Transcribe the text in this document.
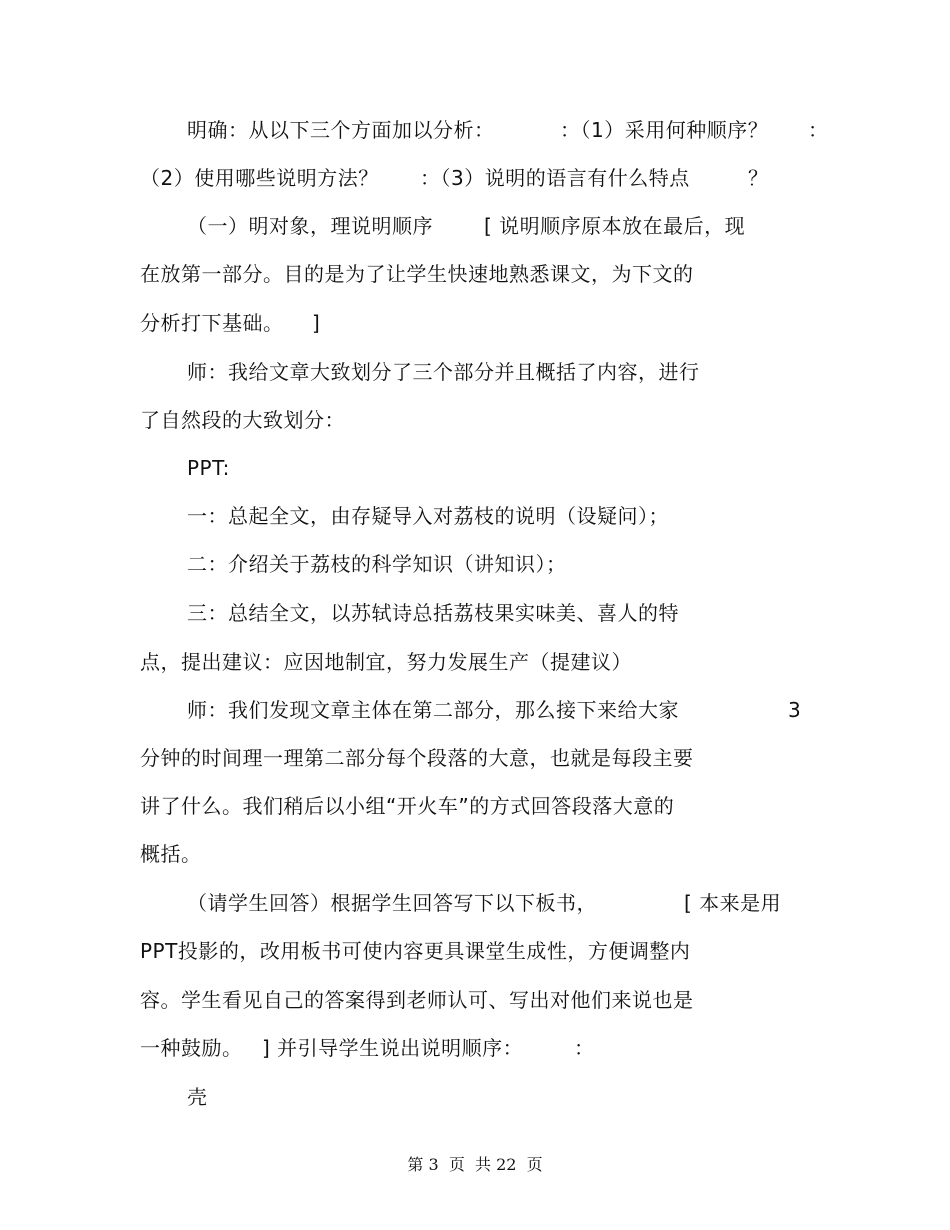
明确：从以下三个方面加以分析：	：（1）采用何种顺序？ ：
（2）使用哪些说明方法？ ：（3）说明的语言有什么特点	？
（一）明对象，理说明顺序	[ 说明顺序原本放在最后，现
在放第一部分。目的是为了让学生快速地熟悉课文，为下文的
分析打下基础。 ]
师：我给文章大致划分了三个部分并且概括了内容，进行
了自然段的大致划分：
PPT:
一：总起全文，由存疑导入对荔枝的说明（设疑问）；
二：介绍关于荔枝的科学知识（讲知识）；
三：总结全文，以苏轼诗总括荔枝果实味美、喜人的特
点，提出建议：应因地制宜，努力发展生产（提建议）
师：我们发现文章主体在第二部分，那么接下来给大家	3
分钟的时间理一理第二部分每个段落的大意，也就是每段主要
讲了什么。我们稍后以小组“开火车”的方式回答段落大意的
概括。
（请学生回答）根据学生回答写下以下板书，	[ 本来是用
PPT投影的，改用板书可使内容更具课堂生成性，方便调整内
容。学生看见自己的答案得到老师认可、写出对他们来说也是
一种鼓励。 ] 并引导学生说出说明顺序：	：
壳
第 3  页  共 22  页
